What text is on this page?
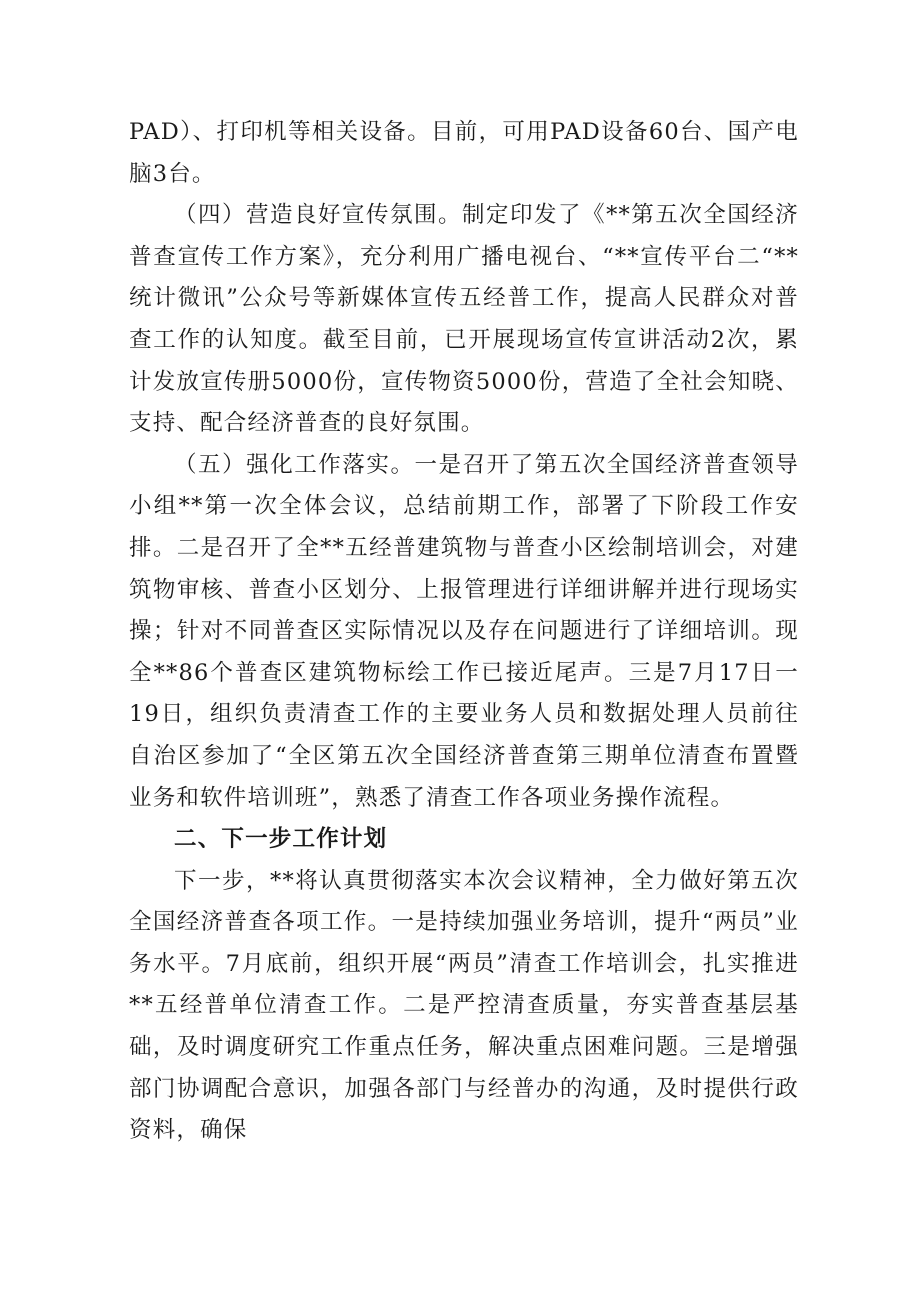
PAD）、打印机等相关设备。目前，可用PAD设备60台、国产电脑3台。

（四）营造良好宣传氛围。制定印发了《**第五次全国经济普查宣传工作方案》，充分利用广播电视台、“**宣传平台二“**统计微讯”公众号等新媒体宣传五经普工作，提高人民群众对普查工作的认知度。截至目前，已开展现场宣传宣讲活动2次，累计发放宣传册5000份，宣传物资5000份，营造了全社会知晓、支持、配合经济普查的良好氛围。

（五）强化工作落实。一是召开了第五次全国经济普查领导小组**第一次全体会议，总结前期工作，部署了下阶段工作安排。二是召开了全**五经普建筑物与普查小区绘制培训会，对建筑物审核、普查小区划分、上报管理进行详细讲解并进行现场实操；针对不同普查区实际情况以及存在问题进行了详细培训。现全**86个普查区建筑物标绘工作已接近尾声。三是7月17日一19日，组织负责清查工作的主要业务人员和数据处理人员前往自治区参加了“全区第五次全国经济普查第三期单位清查布置暨业务和软件培训班”，熟悉了清查工作各项业务操作流程。

二、下一步工作计划

下一步，**将认真贯彻落实本次会议精神，全力做好第五次全国经济普查各项工作。一是持续加强业务培训，提升“两员”业务水平。7月底前，组织开展“两员”清查工作培训会，扎实推进**五经普单位清查工作。二是严控清查质量，夯实普查基层基础，及时调度研究工作重点任务，解决重点困难问题。三是增强部门协调配合意识，加强各部门与经普办的沟通，及时提供行政资料，确保
